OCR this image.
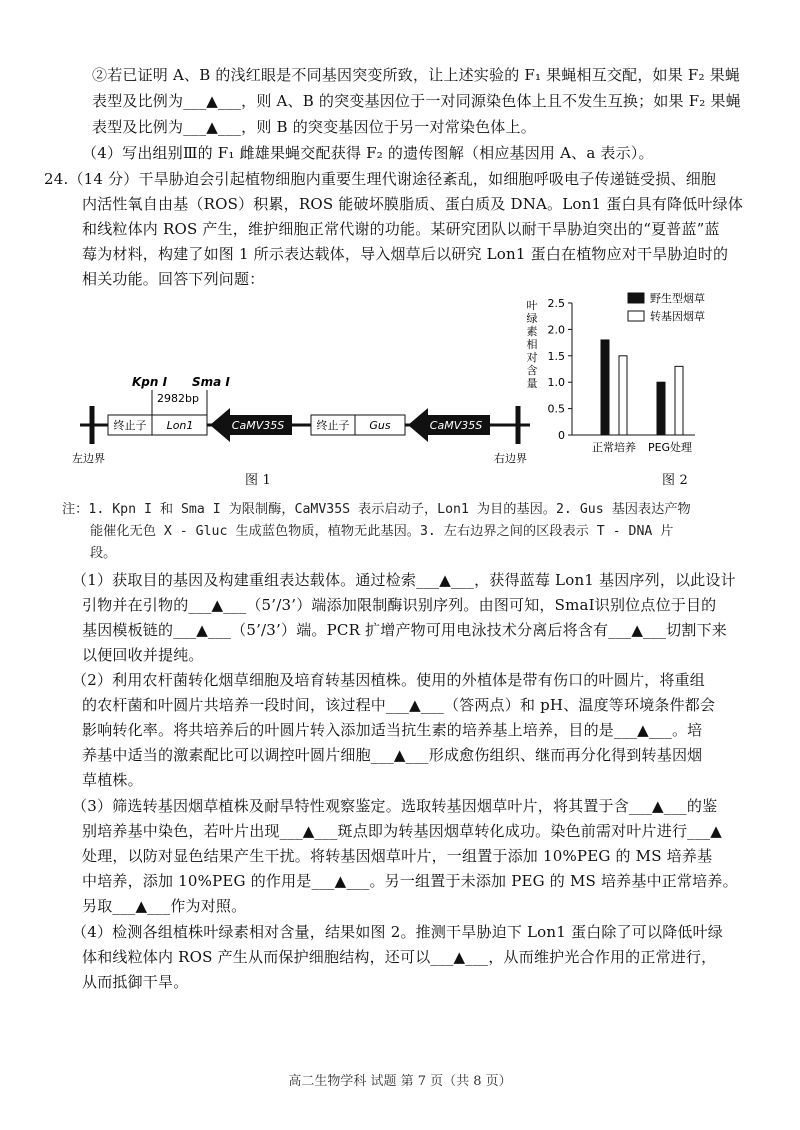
②若已证明 A、B 的浅红眼是不同基因突变所致，让上述实验的 F₁ 果蝇相互交配，如果 F₂ 果蝇
表型及比例为___▲___，则 A、B 的突变基因位于一对同源染色体上且不发生互换；如果 F₂ 果蝇
表型及比例为___▲___，则 B 的突变基因位于另一对常染色体上。
（4）写出组别Ⅲ的 F₁ 雌雄果蝇交配获得 F₂ 的遗传图解（相应基因用 A、a 表示）。
24.（14 分）干旱胁迫会引起植物细胞内重要生理代谢途径紊乱，如细胞呼吸电子传递链受损、细胞
内活性氧自由基（ROS）积累，ROS 能破坏膜脂质、蛋白质及 DNA。Lon1 蛋白具有降低叶绿体
和线粒体内 ROS 产生，维护细胞正常代谢的功能。某研究团队以耐干旱胁迫突出的“夏普蓝”蓝
莓为材料，构建了如图 1 所示表达载体，导入烟草后以研究 Lon1 蛋白在植物应对干旱胁迫时的
相关功能。回答下列问题：
Kpn I Sma I
2982bp
终止子 Lon1	CaMV35S	终止子 Gus	CaMV35S
左边界	右边界
图 1
叶
绿
素
相
对
含
量
0
0.5
1.0
1.5
2.0
2.5
正常培养 PEG处理
野生型烟草
转基因烟草
图 2
注：1. Kpn I 和 Sma I 为限制酶，CaMV35S 表示启动子，Lon1 为目的基因。2. Gus 基因表达产物
能催化无色 X - Gluc 生成蓝色物质，植物无此基因。3. 左右边界之间的区段表示 T - DNA 片
段。
（1）获取目的基因及构建重组表达载体。通过检索___▲___，获得蓝莓 Lon1 基因序列，以此设计
引物并在引物的___▲___（5’/3’）端添加限制酶识别序列。由图可知，SmaI识别位点位于目的
基因模板链的___▲___（5’/3’）端。PCR 扩增产物可用电泳技术分离后将含有___▲___切割下来
以便回收并提纯。
（2）利用农杆菌转化烟草细胞及培育转基因植株。使用的外植体是带有伤口的叶圆片，将重组
的农杆菌和叶圆片共培养一段时间，该过程中___▲___（答两点）和 pH、温度等环境条件都会
影响转化率。将共培养后的叶圆片转入添加适当抗生素的培养基上培养，目的是___▲___。培
养基中适当的激素配比可以调控叶圆片细胞___▲___形成愈伤组织、继而再分化得到转基因烟
草植株。
（3）筛选转基因烟草植株及耐旱特性观察鉴定。选取转基因烟草叶片，将其置于含___▲___的鉴
别培养基中染色，若叶片出现___▲___斑点即为转基因烟草转化成功。染色前需对叶片进行___▲
处理，以防对显色结果产生干扰。将转基因烟草叶片，一组置于添加 10%PEG 的 MS 培养基
中培养，添加 10%PEG 的作用是___▲___。另一组置于未添加 PEG 的 MS 培养基中正常培养。
另取___▲___作为对照。
（4）检测各组植株叶绿素相对含量，结果如图 2。推测干旱胁迫下 Lon1 蛋白除了可以降低叶绿
体和线粒体内 ROS 产生从而保护细胞结构，还可以___▲___，从而维护光合作用的正常进行，
从而抵御干旱。
高二生物学科 试题 第 7 页（共 8 页）
